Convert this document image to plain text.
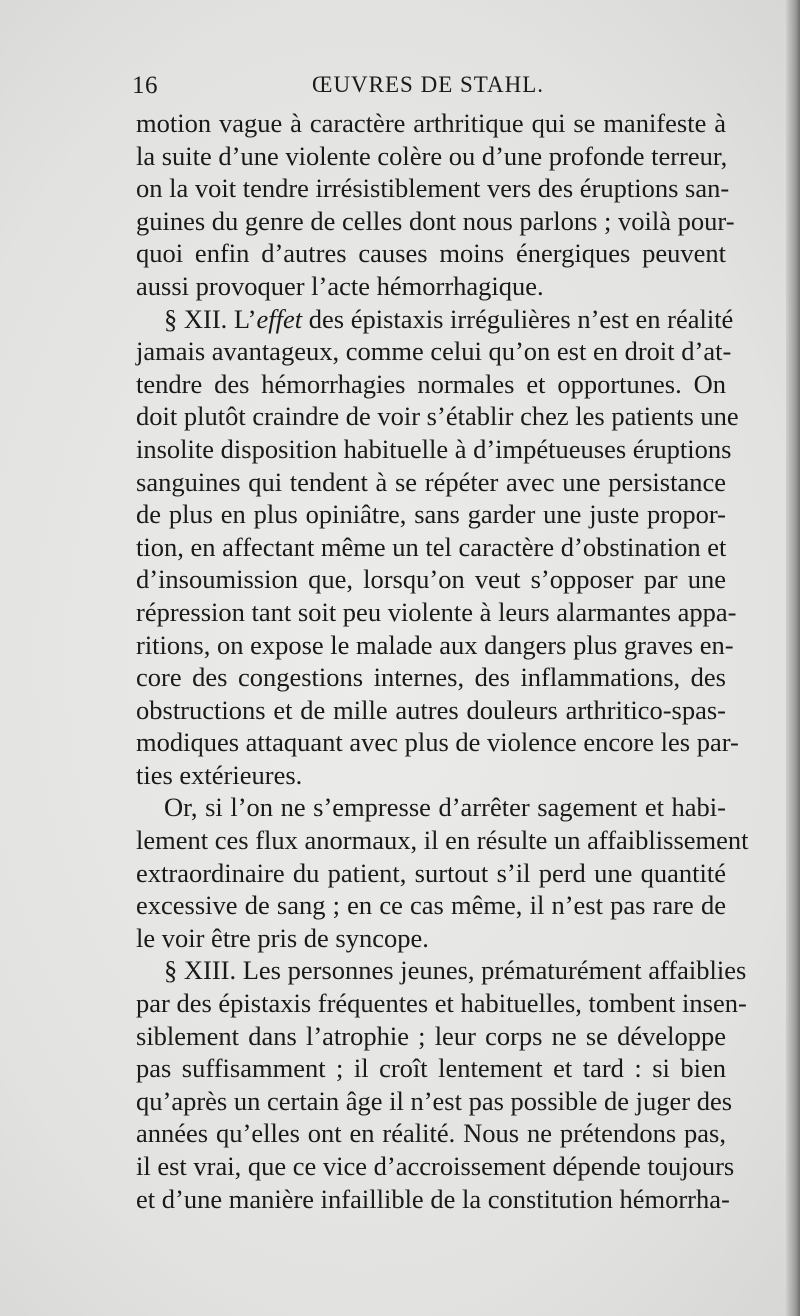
16	ŒUVRES DE STAHL.
motion vague à caractère arthritique qui se manifeste à
la suite d’une violente colère ou d’une profonde terreur,
on la voit tendre irrésistiblement vers des éruptions san-
guines du genre de celles dont nous parlons ; voilà pour-
quoi enfin d’autres causes moins énergiques peuvent
aussi provoquer l’acte hémorrhagique.
§ XII. L’effet des épistaxis irrégulières n’est en réalité
jamais avantageux, comme celui qu’on est en droit d’at-
tendre des hémorrhagies normales et opportunes. On
doit plutôt craindre de voir s’établir chez les patients une
insolite disposition habituelle à d’impétueuses éruptions
sanguines qui tendent à se répéter avec une persistance
de plus en plus opiniâtre, sans garder une juste propor-
tion, en affectant même un tel caractère d’obstination et
d’insoumission que, lorsqu’on veut s’opposer par une
répression tant soit peu violente à leurs alarmantes appa-
ritions, on expose le malade aux dangers plus graves en-
core des congestions internes, des inflammations, des
obstructions et de mille autres douleurs arthritico-spas-
modiques attaquant avec plus de violence encore les par-
ties extérieures.
Or, si l’on ne s’empresse d’arrêter sagement et habi-
lement ces flux anormaux, il en résulte un affaiblissement
extraordinaire du patient, surtout s’il perd une quantité
excessive de sang ; en ce cas même, il n’est pas rare de
le voir être pris de syncope.
§ XIII. Les personnes jeunes, prématurément affaiblies
par des épistaxis fréquentes et habituelles, tombent insen-
siblement dans l’atrophie ; leur corps ne se développe
pas suffisamment ; il croît lentement et tard : si bien
qu’après un certain âge il n’est pas possible de juger des
années qu’elles ont en réalité. Nous ne prétendons pas,
il est vrai, que ce vice d’accroissement dépende toujours
et d’une manière infaillible de la constitution hémorrha-
